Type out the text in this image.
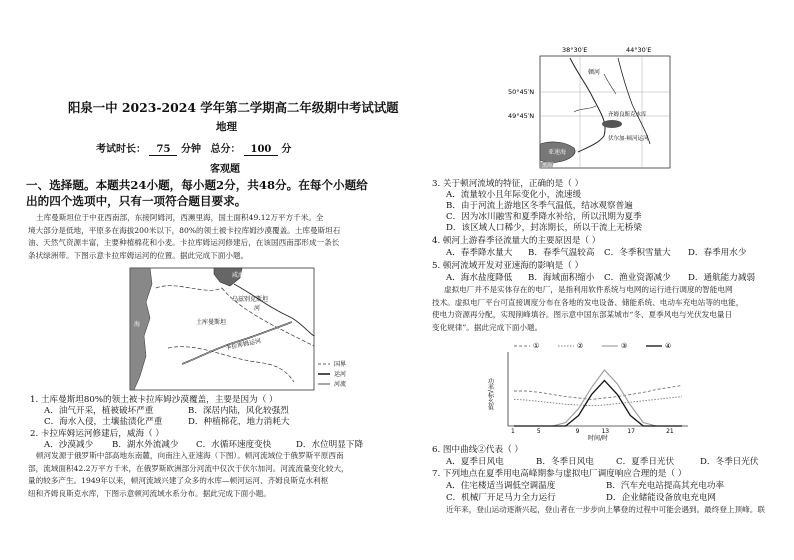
阳泉一中 2023-2024 学年第二学期高二年级期中考试试题
地理
考试时长： 75 分钟 总分： 100 分
客观题
一、选择题。本题共24小题，每小题2分，共48分。在每个小题给
出的四个选项中，只有一项符合题目要求。
土库曼斯坦位于中亚西南部，东接阿姆河，西濒里海，国土面积49.12万平方千米。全
境大部分是低地，平原多在海拔200米以下，80%的领土被卡拉库姆沙漠覆盖。土库曼斯坦石
油、天然气资源丰富，主要种植棉花和小麦。卡拉库姆运河修建后，在该国西南部形成一条长
条状绿洲带。下图示意卡拉库姆运河的位置。据此完成下面小题。
咸海
乌兹别克斯坦
土库曼斯坦
卡拉库姆运河
河
海
国界
运河
河流
1. 土库曼斯坦80%的领土被卡拉库姆沙漠覆盖，主要是因为（ ）
A．油气开采，植被破坏严重	B．深居内陆，风化较强烈
C．海水入侵，土壤盐渍化严重	D．种植棉花，地力消耗大
2. 卡拉库姆运河修建后，威海（ ）
A．沙漠减少 B．湖水外流减少 C．水循环速度变快	D．水位明显下降
顿河发源于俄罗斯中部高地东南麓，向南注入亚速海（下图）。顿河流域位于俄罗斯平原西南
部，流域面积42.2万平方千米，在俄罗斯欧洲部分河流中仅次于伏尔加河。河流流量变化较大，
量的较多产生。1949年以来，顿河流域兴建了众多的水库—顿河运河、齐姆良斯克水利枢
纽和齐姆良斯克水库，下图示意顿河流域水系分布。据此完成下面小题。
38°30′E	44°30′E
50°45′N
49°45′N
顿河
齐姆良斯克水库
伏尔加-顿河运河
亚速海
黑海
3. 关于顿河流域的特征，正确的是（ ）
A．流量较小且年际变化小，流速缓
B．由于河流上游地区冬季气温低，结冰观察普遍
C．因为冰川融雪和夏季降水补给，所以汛期为夏季
D．该区域人口稀少，封冻期长，所以干流上无桥梁
4. 顿河上游春季径流量大的主要原因是（ ）
A．春季降水量大 B．春季气温较高 C．冬季积雪量大 D．春季用水少
5. 顿河流域开发对亚速海的影响是（ ）
A．海水盐度降低 B．海域面积缩小 C．渔业资源减少 D．通航能力减弱
虚拟电厂并不是实体存在的电厂，是指利用软件系统与电网的运行进行调度的智能电网
技术。虚拟电厂平台可直接调度分布在各地的发电设备、储能系统、电动车充电站等的电能，
使电力资源再分配，实现削峰填谷。图示意中国东部某城市“冬、夏季风电与光伏发电量日
变化规律”。据此完成下面小题。
①	②	③	④
功率/标幺值
时间/时
1	5	9	13	17	21
6. 图中曲线②代表（ ）
A．夏季日风电	B．冬季日风电	C．夏季日光伏	D．冬季日光伏
7. 下列地点在夏季用电高峰期参与虚拟电厂调度响应合理的是（ ）
A．住宅楼适当调低空调温度	B．汽车充电站提高其充电功率
C．机械厂开足马力全力运行	D．企业储能设备放电充电网
近年来，登山运动逐渐兴起，登山者在一步步向上攀登的过程中可能会遇到。最终登上顶峰。联
